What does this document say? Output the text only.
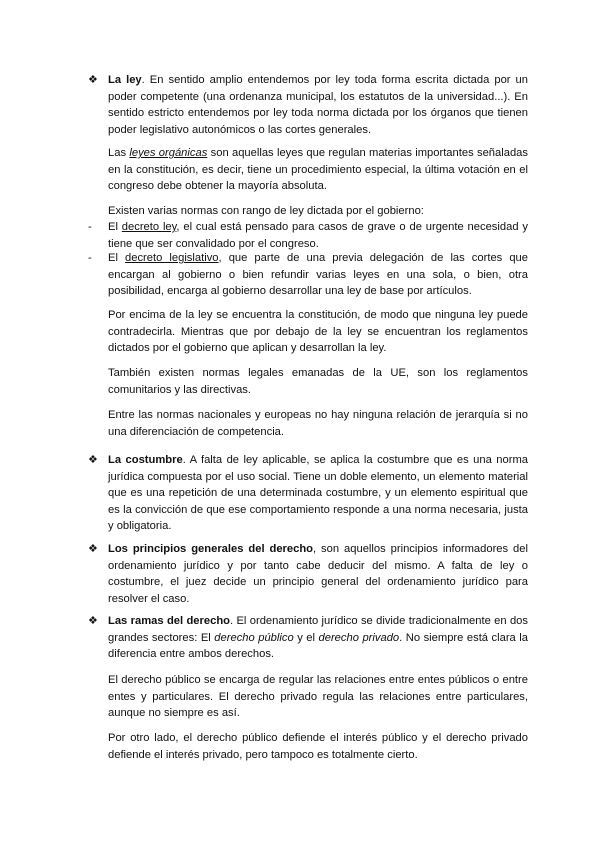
❖ La ley. En sentido amplio entendemos por ley toda forma escrita dictada por un poder competente (una ordenanza municipal, los estatutos de la universidad...). En sentido estricto entendemos por ley toda norma dictada por los órganos que tienen poder legislativo autonómicos o las cortes generales.

Las leyes orgánicas son aquellas leyes que regulan materias importantes señaladas en la constitución, es decir, tiene un procedimiento especial, la última votación en el congreso debe obtener la mayoría absoluta.

Existen varias normas con rango de ley dictada por el gobierno:

- El decreto ley, el cual está pensado para casos de grave o de urgente necesidad y tiene que ser convalidado por el congreso.

- El decreto legislativo, que parte de una previa delegación de las cortes que encargan al gobierno o bien refundir varias leyes en una sola, o bien, otra posibilidad, encarga al gobierno desarrollar una ley de base por artículos.

Por encima de la ley se encuentra la constitución, de modo que ninguna ley puede contradecirla. Mientras que por debajo de la ley se encuentran los reglamentos dictados por el gobierno que aplican y desarrollan la ley.

También existen normas legales emanadas de la UE, son los reglamentos comunitarios y las directivas.

Entre las normas nacionales y europeas no hay ninguna relación de jerarquía si no una diferenciación de competencia.

❖ La costumbre. A falta de ley aplicable, se aplica la costumbre que es una norma jurídica compuesta por el uso social. Tiene un doble elemento, un elemento material que es una repetición de una determinada costumbre, y un elemento espiritual que es la convicción de que ese comportamiento responde a una norma necesaria, justa y obligatoria.

❖ Los principios generales del derecho, son aquellos principios informadores del ordenamiento jurídico y por tanto cabe deducir del mismo. A falta de ley o costumbre, el juez decide un principio general del ordenamiento jurídico para resolver el caso.

❖ Las ramas del derecho. El ordenamiento jurídico se divide tradicionalmente en dos grandes sectores: El derecho público y el derecho privado. No siempre está clara la diferencia entre ambos derechos.

El derecho público se encarga de regular las relaciones entre entes públicos o entre entes y particulares. El derecho privado regula las relaciones entre particulares, aunque no siempre es así.

Por otro lado, el derecho público defiende el interés público y el derecho privado defiende el interés privado, pero tampoco es totalmente cierto.
